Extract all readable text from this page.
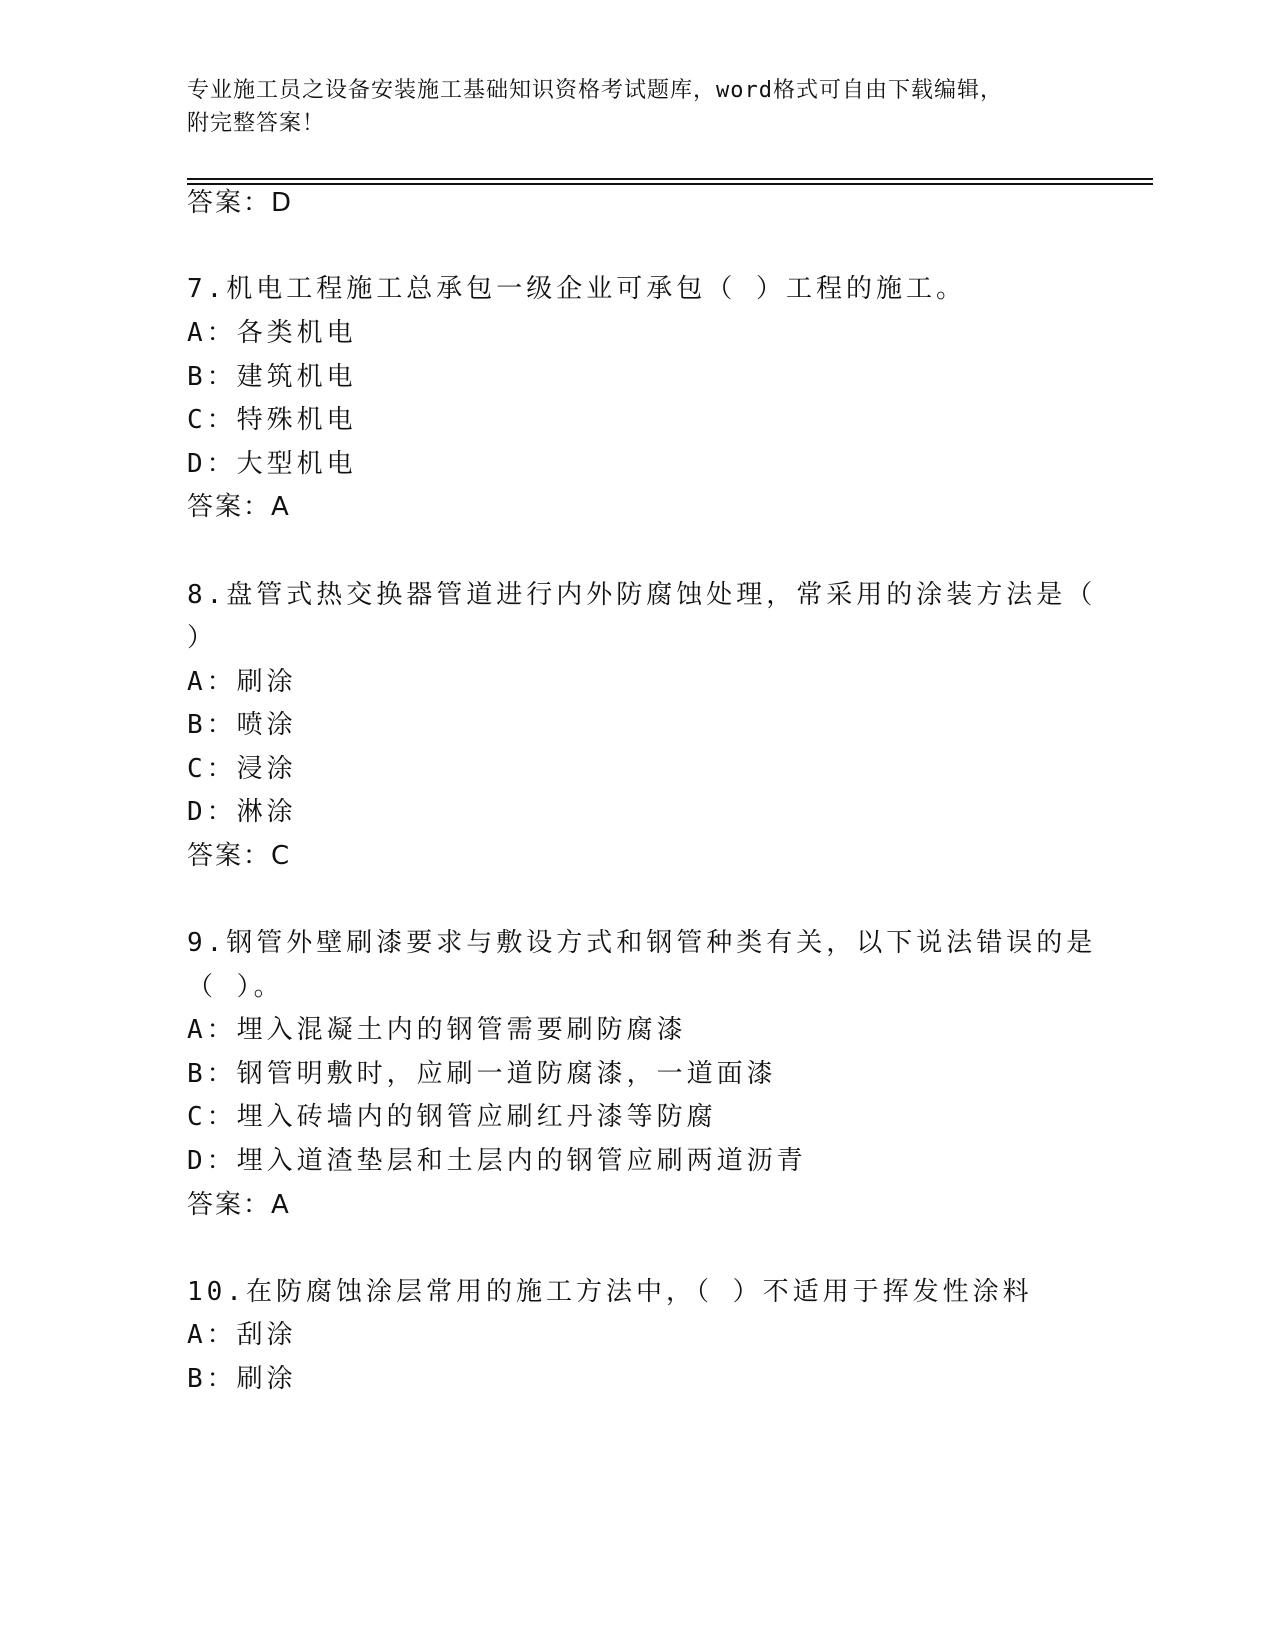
专业施工员之设备安装施工基础知识资格考试题库，word格式可自由下载编辑，
附完整答案！
答案：D
7.机电工程施工总承包一级企业可承包（ ）工程的施工。
A：各类机电
B：建筑机电
C：特殊机电
D：大型机电
答案：A
8.盘管式热交换器管道进行内外防腐蚀处理，常采用的涂装方法是（
）
A：刷涂
B：喷涂
C：浸涂
D：淋涂
答案：C
9.钢管外壁刷漆要求与敷设方式和钢管种类有关，以下说法错误的是
（ ）。
A：埋入混凝土内的钢管需要刷防腐漆
B：钢管明敷时，应刷一道防腐漆，一道面漆
C：埋入砖墙内的钢管应刷红丹漆等防腐
D：埋入道渣垫层和土层内的钢管应刷两道沥青
答案：A
10.在防腐蚀涂层常用的施工方法中，（ ）不适用于挥发性涂料
A：刮涂
B：刷涂
